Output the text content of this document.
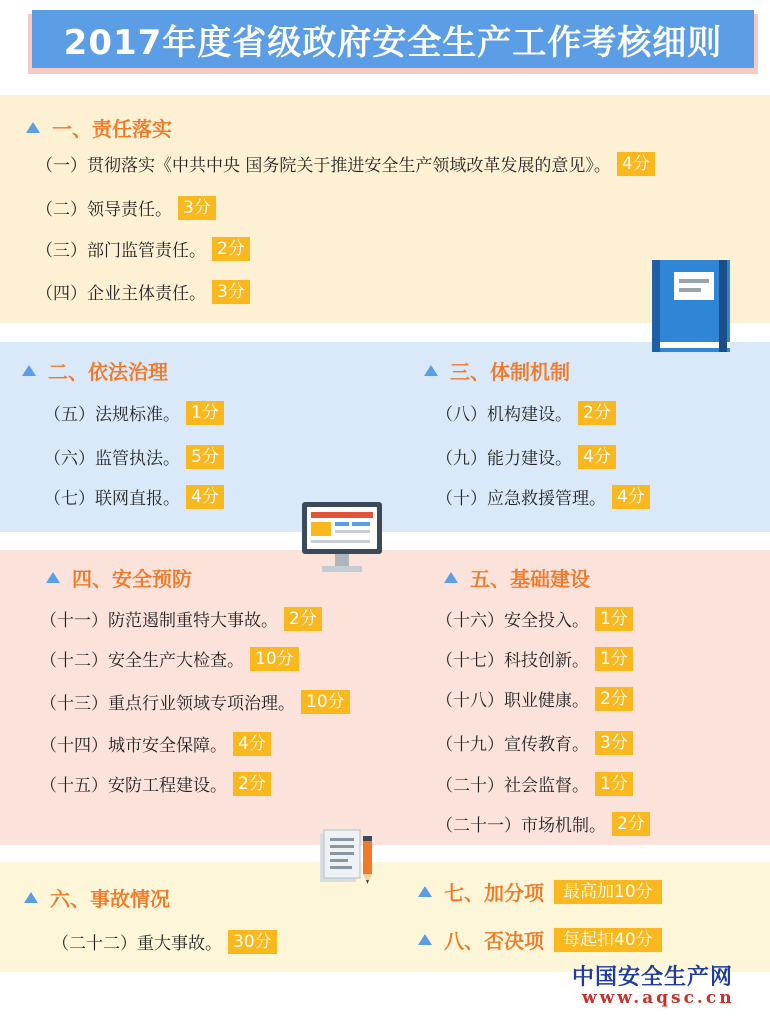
2017年度省级政府安全生产工作考核细则
一、责任落实
（一）贯彻落实《中共中央 国务院关于推进安全生产领域改革发展的意见》。 4分
（二）领导责任。 3分
（三）部门监管责任。 2分
（四）企业主体责任。 3分
二、依法治理
（五）法规标准。 1分
（六）监管执法。 5分
（七）联网直报。 4分
三、体制机制
（八）机构建设。 2分
（九）能力建设。 4分
（十）应急救援管理。 4分
四、安全预防
（十一）防范遏制重特大事故。 2分
（十二）安全生产大检查。 10分
（十三）重点行业领域专项治理。 10分
（十四）城市安全保障。 4分
（十五）安防工程建设。 2分
五、基础建设
（十六）安全投入。 1分
（十七）科技创新。 1分
（十八）职业健康。 2分
（十九）宣传教育。 3分
（二十）社会监督。 1分
（二十一）市场机制。 2分
六、事故情况
（二十二）重大事故。 30分
七、加分项	最高加10分
八、否决项	每起扣40分
中国安全生产网
www.aqsc.cn
